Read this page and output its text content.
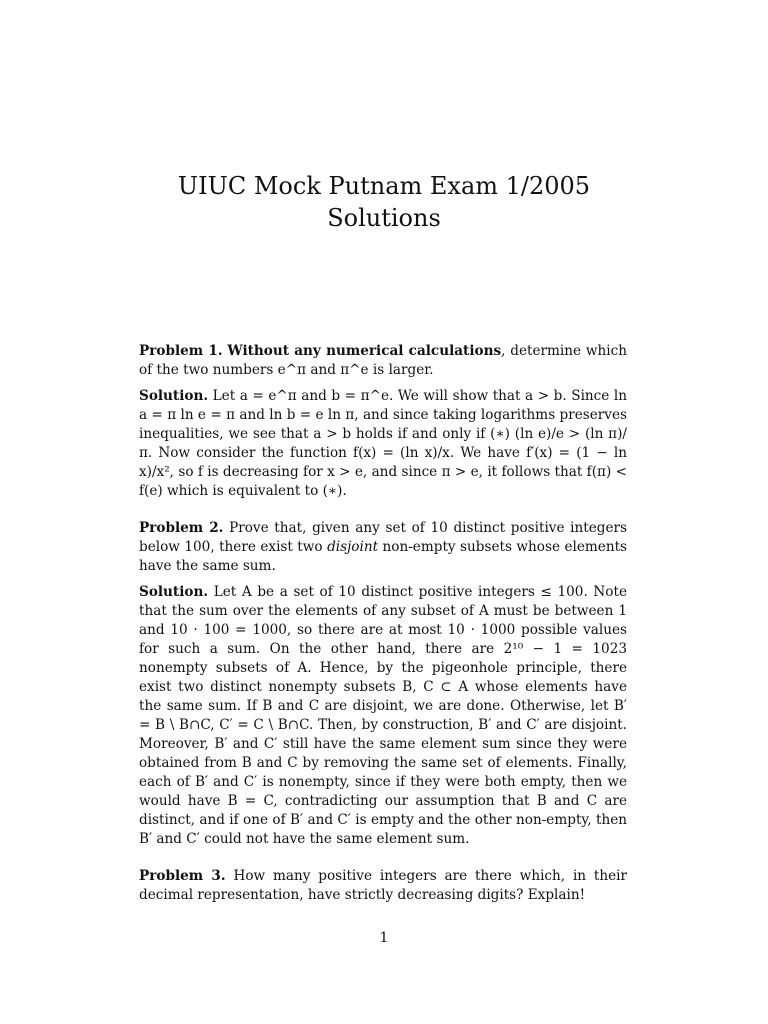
UIUC Mock Putnam Exam 1/2005
Solutions

Problem 1. Without any numerical calculations, determine which of the two numbers e^π and π^e is larger.

Solution. Let a = e^π and b = π^e. We will show that a > b. Since ln a = π ln e = π and ln b = e ln π, and since taking logarithms preserves inequalities, we see that a > b holds if and only if (∗) (ln e)/e > (ln π)/π. Now consider the function f(x) = (ln x)/x. We have f′(x) = (1 − ln x)/x², so f is decreasing for x > e, and since π > e, it follows that f(π) < f(e) which is equivalent to (∗).

Problem 2. Prove that, given any set of 10 distinct positive integers below 100, there exist two disjoint non-empty subsets whose elements have the same sum.

Solution. Let A be a set of 10 distinct positive integers ≤ 100. Note that the sum over the elements of any subset of A must be between 1 and 10 · 100 = 1000, so there are at most 10 · 1000 possible values for such a sum. On the other hand, there are 2¹⁰ − 1 = 1023 nonempty subsets of A. Hence, by the pigeonhole principle, there exist two distinct nonempty subsets B, C ⊂ A whose elements have the same sum. If B and C are disjoint, we are done. Otherwise, let B′ = B \ B∩C, C′ = C \ B∩C. Then, by construction, B′ and C′ are disjoint. Moreover, B′ and C′ still have the same element sum since they were obtained from B and C by removing the same set of elements. Finally, each of B′ and C′ is nonempty, since if they were both empty, then we would have B = C, contradicting our assumption that B and C are distinct, and if one of B′ and C′ is empty and the other non-empty, then B′ and C′ could not have the same element sum.

Problem 3. How many positive integers are there which, in their decimal representation, have strictly decreasing digits? Explain!

1
